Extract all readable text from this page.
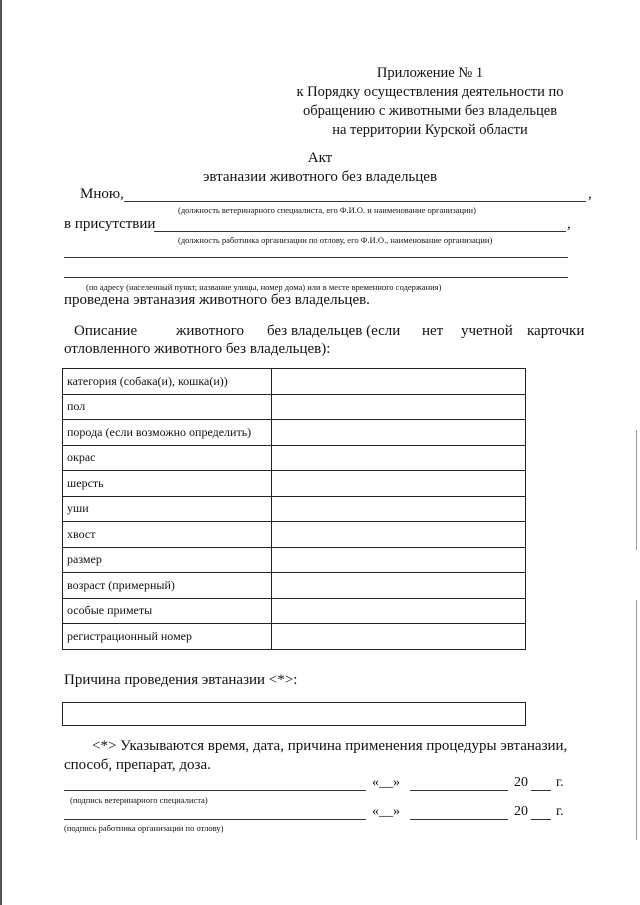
Приложение № 1
к Порядку осуществления деятельности по
обращению с животными без владельцев
на территории Курской области
Акт
эвтаназии животного без владельцев
Мною,	,
(должность ветеринарного специалиста, его Ф.И.О. и наименование организации)
в присутствии	,
(должность работника организации по отлову, его Ф.И.О., наименование организации)
(по адресу (населенный пункт, название улицы, номер дома) или в месте временного содержания)
проведена эвтаназия животного без владельцев.
Описание	животного без владельцев (если нет учетной карточки
отловленного животного без владельцев):
категория (собака(и), кошка(и))	
пол	
порода (если возможно определить)	
окрас	
шерсть	
уши	
хвост	
размер	
возраст (примерный)	
особые приметы	
регистрационный номер	
Причина проведения эвтаназии <*>:
<*> Указываются время, дата, причина применения процедуры эвтаназии,
способ, препарат, доза.
«__»	20 г.
(подпись ветеринарного специалиста)
«__»	20 г.
(подпись работника организации по отлову)
